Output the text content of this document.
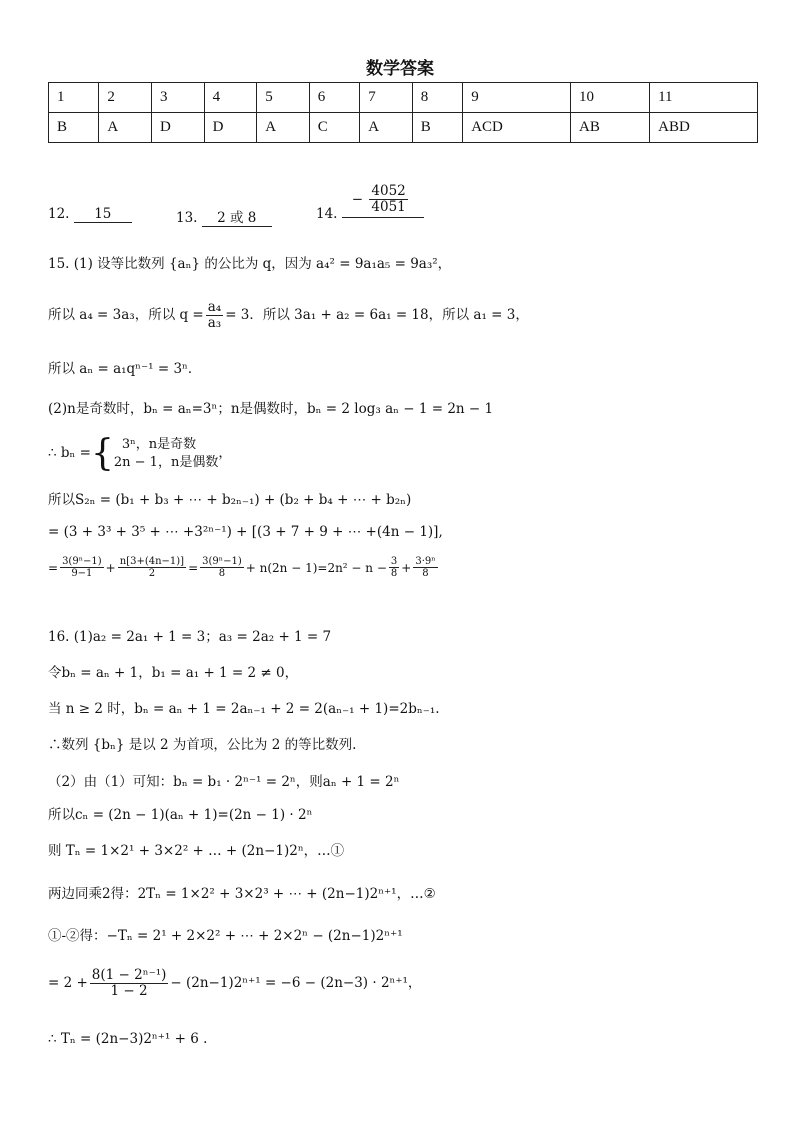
数学答案
1	2	3	4	5	6	7	8	9	10	11
B	A	D	D	A	C	A	B	ACD	AB	ABD
12. 15	13. 2 或 8	14. − $\frac{4052}{4051}$
15. (1) 设等比数列 {aₙ} 的公比为 q，因为 a₄² = 9a₁a₅ = 9a₃²，
所以 a₄ = 3a₃，所以 $q = \frac{\text{a₄}}{\text{a₃}} = 3$．所以 3a₁ + a₂ = 6a₁ = 18，所以 a₁ = 3，
所以 aₙ = a₁qⁿ⁻¹ = 3ⁿ．
(2)n是奇数时，bₙ = aₙ=3ⁿ；n是偶数时，bₙ = 2 log₃ aₙ − 1 = 2n − 1
∴ bₙ = { 3ⁿ，n是奇数
2n − 1，n是偶数
，
所以S₂ₙ = (b₁ + b₃ + ⋯ + b₂ₙ₋₁) + (b₂ + b₄ + ⋯ + b₂ₙ)
= (3 + 3³ + 3⁵ + ⋯ +3²ⁿ⁻¹) + [(3 + 7 + 9 + ⋯ +(4n − 1)],
= $\frac{\text{3(9ⁿ−1)}}{9-1} + \frac{n[3+(4n-1)]}{2} = \frac{\text{3(9ⁿ−1)}}{8} + n(2n - 1)=2n^2 - n - \frac{3}{8} + \frac{\text{3·9ⁿ}}{8}$
16. (1)a₂ = 2a₁ + 1 = 3；a₃ = 2a₂ + 1 = 7
令bₙ = aₙ + 1，b₁ = a₁ + 1 = 2 ≠ 0，
当 n ≥ 2 时，bₙ = aₙ + 1 = 2aₙ₋₁ + 2 = 2(aₙ₋₁ + 1)=2bₙ₋₁.
∴数列 {bₙ} 是以 2 为首项，公比为 2 的等比数列.
（2）由（1）可知：bₙ = b₁ · 2ⁿ⁻¹ = 2ⁿ，则aₙ + 1 = 2ⁿ
所以cₙ = (2n − 1)(aₙ + 1)=(2n − 1) · 2ⁿ
则 Tₙ = 1×2¹ + 3×2² + … + (2n−1)2ⁿ，…①
两边同乘2得：2Tₙ = 1×2² + 3×2³ + ⋯ + (2n−1)2ⁿ⁺¹，…②
①-②得：−Tₙ = 2¹ + 2×2² + ⋯ + 2×2ⁿ − (2n−1)2ⁿ⁺¹
= $2 + \frac{\text{8(1 − 2ⁿ⁻¹)}}{1 - 2} - (2n-1)2^{n+1} = -6 - (2n-3) \cdot 2^{n+1}$，
∴ Tₙ = (2n−3)2ⁿ⁺¹ + 6 .
